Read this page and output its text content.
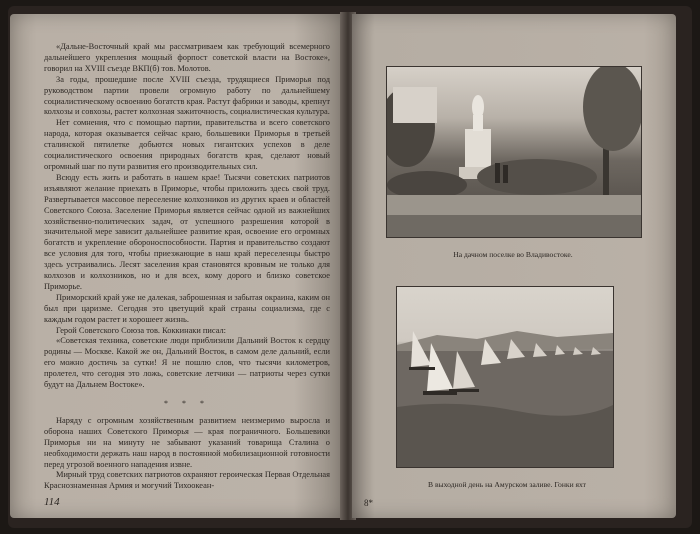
«Дальне-Восточный край мы рассматриваем как требующий всемерного дальнейшего укрепления мощный форпост советской власти на Востоке», говорил на XVIII съезде ВКП(б) тов. Молотов.

За годы, прошедшие после XVIII съезда, трудящиеся Приморья под руководством партии провели огромную работу по дальнейшему социалистическому освоению богатств края. Растут фабрики и заводы, крепнут колхозы и совхозы, растет колхозная зажиточность, социалистическая культура.

Нет сомнения, что с помощью партии, правительства и всего советского народа, которая оказывается сейчас краю, большевики Приморья в третьей сталинской пятилетке добьются новых гигантских успехов в деле социалистического освоения природных богатств края, сделают новый огромный шаг по пути развития его производительных сил.

Всюду есть жить и работать в нашем крае! Тысячи советских патриотов изъявляют желание приехать в Приморье, чтобы приложить здесь свой труд. Развертывается массовое переселение колхозников из других краев и областей Советского Союза. Заселение Приморья является сейчас одной из важнейших хозяйственно-политических задач, от успешного разрешения которой в значительной мере зависит дальнейшее развитие края, освоение его огромных богатств и укрепление обороноспособности. Партия и правительство создают все условия для того, чтобы приезжающие в наш край переселенцы быстро здесь устраивались. Лесят заселения края становятся кровным не только для колхозов и колхозников, но и для всех, кому дорого и близко советское Приморье.

Приморский край уже не далекая, заброшенная и забытая окраина, каким он был при царизме. Сегодня это цветущий край страны социализма, где с каждым годом растет и хорошеет жизнь.

Герой Советского Союза тов. Коккинаки писал:

«Советская техника, советские люди приблизили Дальний Восток к сердцу родины — Москве. Какой же он, Дальний Восток, в самом деле дальний, если его можно достичь за сутки! Я не пошлю слов, что тысячи километров, пролетел, что сегодня это ложь, советские летчики — патриоты через сутки будут на Дальнем Востоке».

* * *

Наряду с огромным хозяйственным развитием неизмеримо выросла и оборона наших Советского Приморья — края пограничного. Большевики Приморья ни на минуту не забывают указаний товарища Сталина о необходимости держать наш народ в постоянной мобилизационной готовности перед угрозой военного нападения извне.

Мирный труд советских патриотов охраняют героическая Первая Отдельная Краснознаменная Армия и могучий Тихоокеан-

114
На дачном поселке во Владивостоке.
В выходной день на Амурском заливе. Гонки яхт
8*
